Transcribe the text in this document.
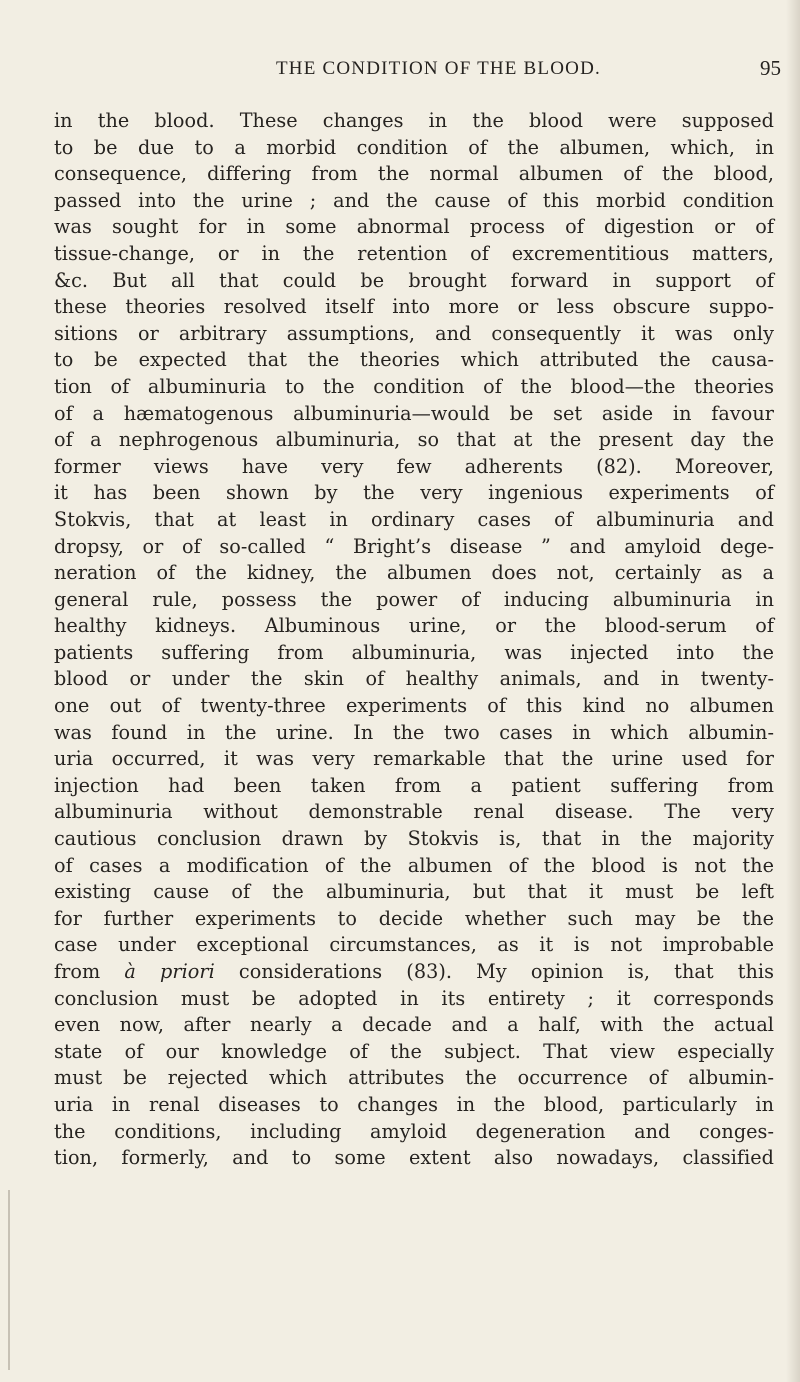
THE CONDITION OF THE BLOOD.	95
in the blood. These changes in the blood were supposed
to be due to a morbid condition of the albumen, which, in
consequence, differing from the normal albumen of the blood,
passed into the urine ; and the cause of this morbid condition
was sought for in some abnormal process of digestion or of
tissue-change, or in the retention of excrementitious matters,
&c. But all that could be brought forward in support of
these theories resolved itself into more or less obscure suppo-
sitions or arbitrary assumptions, and consequently it was only
to be expected that the theories which attributed the causa-
tion of albuminuria to the condition of the blood—the theories
of a hæmatogenous albuminuria—would be set aside in favour
of a nephrogenous albuminuria, so that at the present day the
former views have very few adherents (82). Moreover,
it has been shown by the very ingenious experiments of
Stokvis, that at least in ordinary cases of albuminuria and
dropsy, or of so-called “ Bright’s disease ” and amyloid dege-
neration of the kidney, the albumen does not, certainly as a
general rule, possess the power of inducing albuminuria in
healthy kidneys. Albuminous urine, or the blood-serum of
patients suffering from albuminuria, was injected into the
blood or under the skin of healthy animals, and in twenty-
one out of twenty-three experiments of this kind no albumen
was found in the urine. In the two cases in which albumin-
uria occurred, it was very remarkable that the urine used for
injection had been taken from a patient suffering from
albuminuria without demonstrable renal disease. The very
cautious conclusion drawn by Stokvis is, that in the majority
of cases a modification of the albumen of the blood is not the
existing cause of the albuminuria, but that it must be left
for further experiments to decide whether such may be the
case under exceptional circumstances, as it is not improbable
from à priori considerations (83). My opinion is, that this
conclusion must be adopted in its entirety ; it corresponds
even now, after nearly a decade and a half, with the actual
state of our knowledge of the subject. That view especially
must be rejected which attributes the occurrence of albumin-
uria in renal diseases to changes in the blood, particularly in
the conditions, including amyloid degeneration and conges-
tion, formerly, and to some extent also nowadays, classified
